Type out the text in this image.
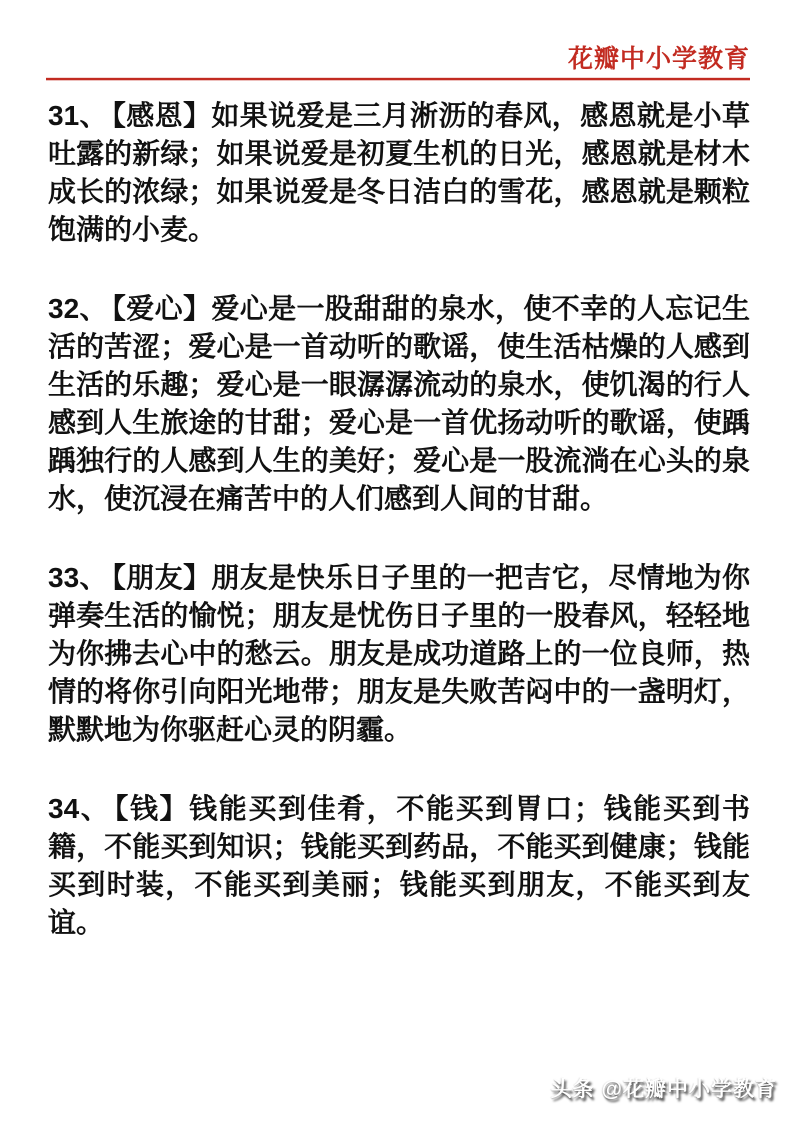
花瓣中小学教育

31、 【感恩】如果说爱是三月淅沥的春风，感恩就是小草吐露的新绿；如果说爱是初夏生机的日光，感恩就是材木成长的浓绿；如果说爱是冬日洁白的雪花，感恩就是颗粒饱满的小麦。

32、 【爱心】爱心是一股甜甜的泉水，使不幸的人忘记生活的苦涩；爱心是一首动听的歌谣，使生活枯燥的人感到生活的乐趣；爱心是一眼潺潺流动的泉水，使饥渴的行人感到人生旅途的甘甜；爱心是一首优扬动听的歌谣，使踽踽独行的人感到人生的美好；爱心是一股流淌在心头的泉水，使沉浸在痛苦中的人们感到人间的甘甜。

33、 【朋友】朋友是快乐日子里的一把吉它，尽情地为你弹奏生活的愉悦；朋友是忧伤日子里的一股春风，轻轻地为你拂去心中的愁云。朋友是成功道路上的一位良师，热情的将你引向阳光地带；朋友是失败苦闷中的一盏明灯，默默地为你驱赶心灵的阴霾。

34、 【钱】钱能买到佳肴，不能买到胃口；钱能买到书籍，不能买到知识；钱能买到药品，不能买到健康；钱能买到时装，不能买到美丽；钱能买到朋友，不能买到友谊。

头条 @花瓣中小学教育
